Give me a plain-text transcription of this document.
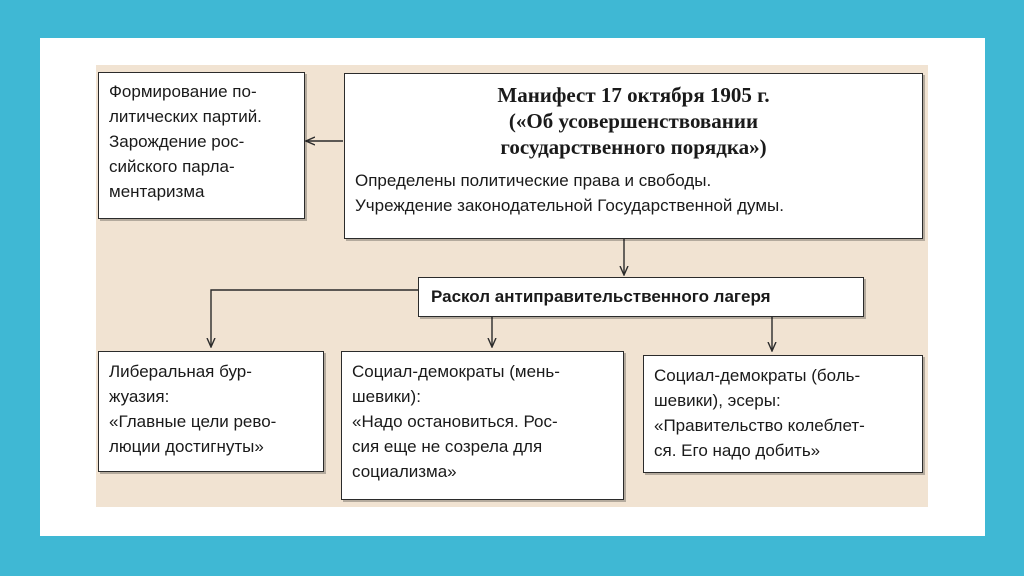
Формирование по-
литических партий.
Зарождение рос-
сийского парла-
ментаризма
Манифест 17 октября 1905 г.
(«Об усовершенствовании
государственного порядка»)
Определены политические права и свободы.
Учреждение законодательной Государственной думы.
Раскол антиправительственного лагеря
Либеральная бур-
жуазия:
«Главные цели рево-
люции достигнуты»
Социал-демократы (мень-
шевики):
«Надо остановиться. Рос-
сия еще не созрела для
социализма»
Социал-демократы (боль-
шевики), эсеры:
«Правительство колеблет-
ся. Его надо добить»
